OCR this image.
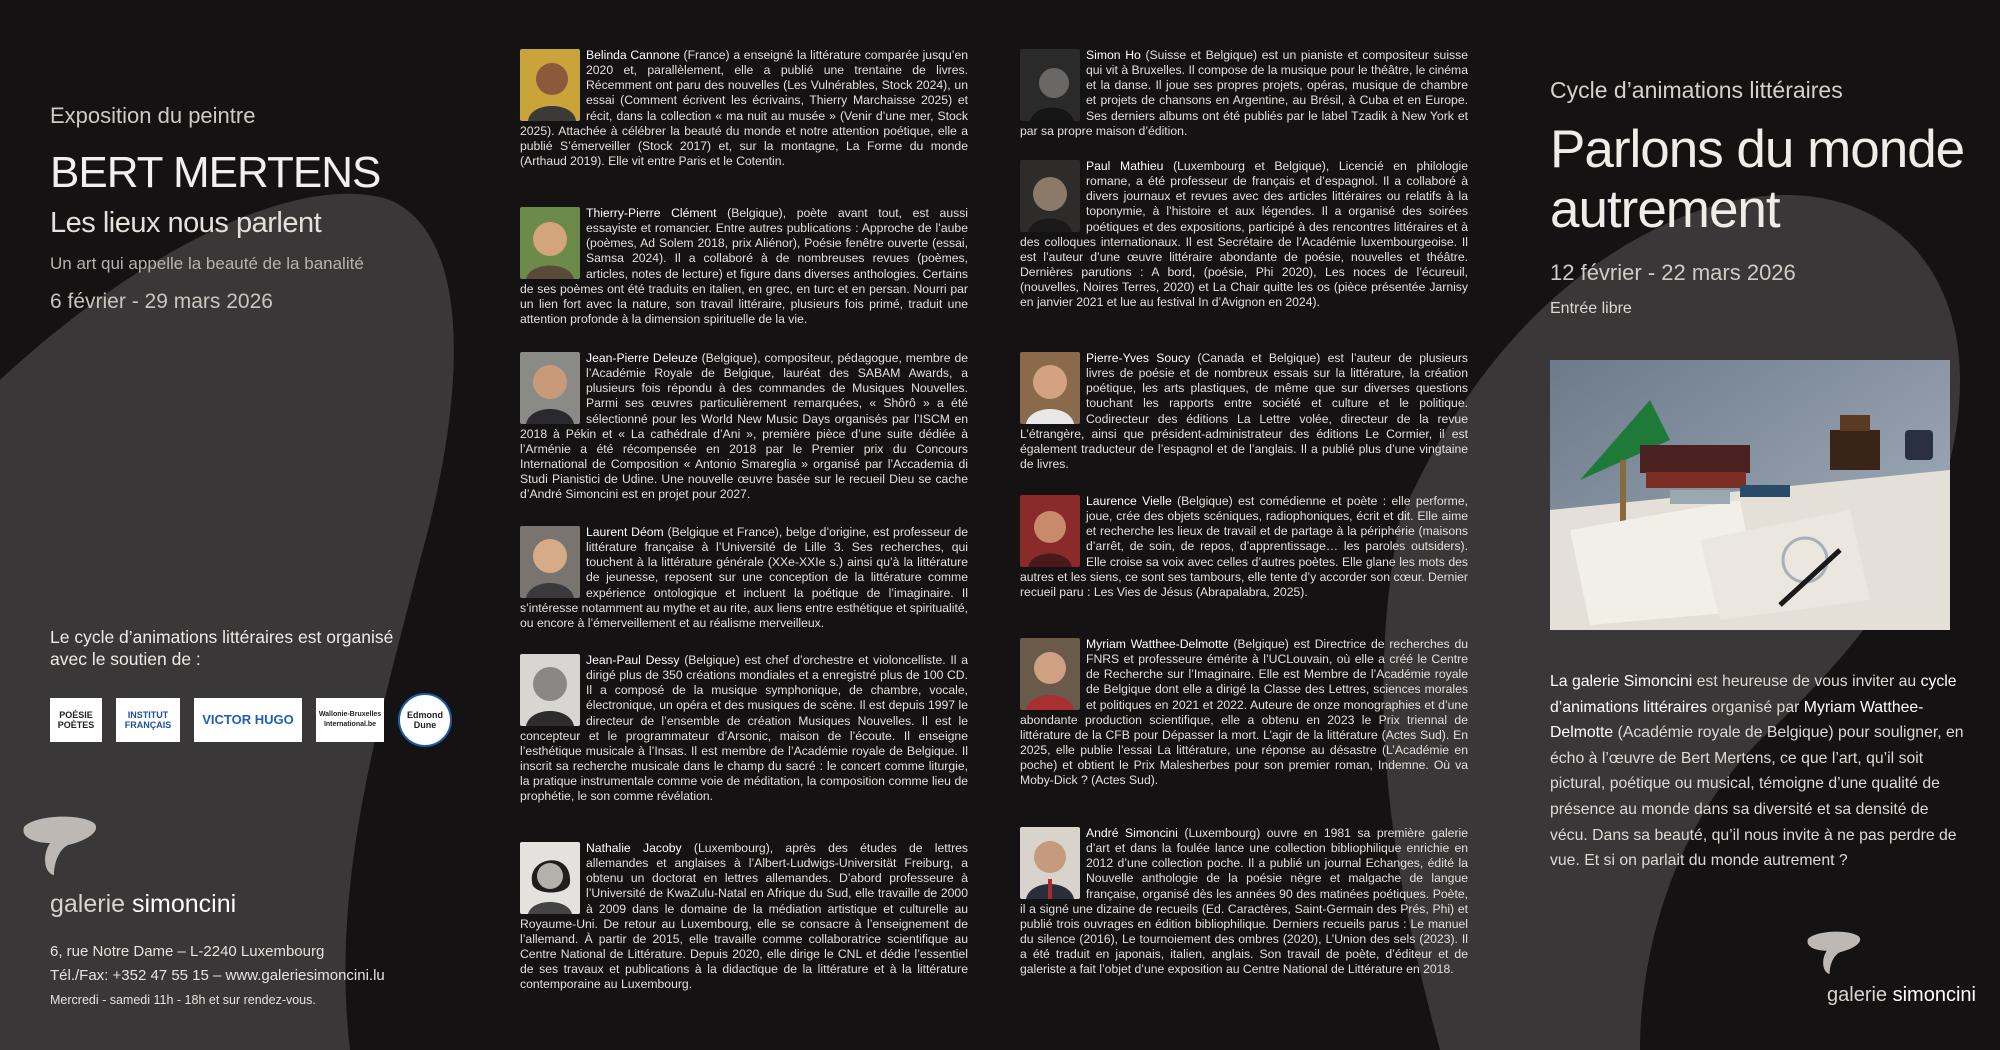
Exposition du peintre
BERT MERTENS
Les lieux nous parlent
Un art qui appelle la beauté de la banalité
6 février - 29 mars 2026
Le cycle d’animations littéraires est organisé avec le soutien de :
POÉSIE POÈTES
INSTITUT FRANÇAIS	VICTOR HUGO	Wallonie-Bruxelles International.be
Edmond Dune
galerie simoncini
6, rue Notre Dame – L-2240 Luxembourg
Tél./Fax: +352 47 55 15 – www.galeriesimoncini.lu
Mercredi - samedi 11h - 18h et sur rendez-vous.
Belinda Cannone (France) a enseigné la littérature comparée jusqu’en 2020 et, parallèlement, elle a publié une trentaine de livres. Récemment ont paru des nouvelles (Les Vulnérables, Stock 2024), un essai (Comment écrivent les écrivains, Thierry Marchaisse 2025) et récit, dans la collection « ma nuit au musée » (Venir d’une mer, Stock 2025). Attachée à célébrer la beauté du monde et notre attention poétique, elle a publié S’émerveiller (Stock 2017) et, sur la montagne, La Forme du monde (Arthaud 2019). Elle vit entre Paris et le Cotentin.
Thierry-Pierre Clément (Belgique), poète avant tout, est aussi essayiste et romancier. Entre autres publications : Approche de l’aube (poèmes, Ad Solem 2018, prix Aliénor), Poésie fenêtre ouverte (essai, Samsa 2024). Il a collaboré à de nombreuses revues (poèmes, articles, notes de lecture) et figure dans diverses anthologies. Certains de ses poèmes ont été traduits en italien, en grec, en turc et en persan. Nourri par un lien fort avec la nature, son travail littéraire, plusieurs fois primé, traduit une attention profonde à la dimension spirituelle de la vie.
Jean-Pierre Deleuze (Belgique), compositeur, pédagogue, membre de l’Académie Royale de Belgique, lauréat des SABAM Awards, a plusieurs fois répondu à des commandes de Musiques Nouvelles. Parmi ses œuvres particulièrement remarquées, « Shôrô » a été sélectionné pour les World New Music Days organisés par l’ISCM en 2018 à Pékin et « La cathédrale d’Ani », première pièce d’une suite dédiée à l’Arménie a été récompensée en 2018 par le Premier prix du Concours International de Composition « Antonio Smareglia » organisé par l’Accademia di Studi Pianistici de Udine. Une nouvelle œuvre basée sur le recueil Dieu se cache d’André Simoncini est en projet pour 2027.
Laurent Déom (Belgique et France), belge d’origine, est professeur de littérature française à l’Université de Lille 3. Ses recherches, qui touchent à la littérature générale (XXe-XXIe s.) ainsi qu’à la littérature de jeunesse, reposent sur une conception de la littérature comme expérience ontologique et incluent la poétique de l’imaginaire. Il s’intéresse notamment au mythe et au rite, aux liens entre esthétique et spiritualité, ou encore à l’émerveillement et au réalisme merveilleux.
Jean-Paul Dessy (Belgique) est chef d’orchestre et violoncelliste. Il a dirigé plus de 350 créations mondiales et a enregistré plus de 100 CD. Il a composé de la musique symphonique, de chambre, vocale, électronique, un opéra et des musiques de scène. Il est depuis 1997 le directeur de l’ensemble de création Musiques Nouvelles. Il est le concepteur et le programmateur d’Arsonic, maison de l’écoute. Il enseigne l’esthétique musicale à l’Insas. Il est membre de l’Académie royale de Belgique. Il inscrit sa recherche musicale dans le champ du sacré : le concert comme liturgie, la pratique instrumentale comme voie de méditation, la composition comme lieu de prophétie, le son comme révélation.
Nathalie Jacoby (Luxembourg), après des études de lettres allemandes et anglaises à l’Albert-Ludwigs-Universität Freiburg, a obtenu un doctorat en lettres allemandes. D’abord professeure à l’Université de KwaZulu-Natal en Afrique du Sud, elle travaille de 2000 à 2009 dans le domaine de la médiation artistique et culturelle au Royaume-Uni. De retour au Luxembourg, elle se consacre à l’enseignement de l’allemand. À partir de 2015, elle travaille comme collaboratrice scientifique au Centre National de Littérature. Depuis 2020, elle dirige le CNL et dédie l’essentiel de ses travaux et publications à la didactique de la littérature et à la littérature contemporaine au Luxembourg.
Simon Ho (Suisse et Belgique) est un pianiste et compositeur suisse qui vit à Bruxelles. Il compose de la musique pour le théâtre, le cinéma et la danse. Il joue ses propres projets, opéras, musique de chambre et projets de chansons en Argentine, au Brésil, à Cuba et en Europe. Ses derniers albums ont été publiés par le label Tzadik à New York et par sa propre maison d’édition.
Paul Mathieu (Luxembourg et Belgique), Licencié en philologie romane, a été professeur de français et d’espagnol. Il a collaboré à divers journaux et revues avec des articles littéraires ou relatifs à la toponymie, à l’histoire et aux légendes. Il a organisé des soirées poétiques et des expositions, participé à des rencontres littéraires et à des colloques internationaux. Il est Secrétaire de l’Académie luxembourgeoise. Il est l’auteur d’une œuvre littéraire abondante de poésie, nouvelles et théâtre. Dernières parutions : A bord, (poésie, Phi 2020), Les noces de l’écureuil, (nouvelles, Noires Terres, 2020) et La Chair quitte les os (pièce présentée Jarnisy en janvier 2021 et lue au festival In d’Avignon en 2024).
Pierre-Yves Soucy (Canada et Belgique) est l’auteur de plusieurs livres de poésie et de nombreux essais sur la littérature, la création poétique, les arts plastiques, de même que sur diverses questions touchant les rapports entre société et culture et le politique. Codirecteur des éditions La Lettre volée, directeur de la revue L’étrangère, ainsi que président-administrateur des éditions Le Cormier, il est également traducteur de l’espagnol et de l’anglais. Il a publié plus d’une vingtaine de livres.
Laurence Vielle (Belgique) est comédienne et poète : elle performe, joue, crée des objets scéniques, radiophoniques, écrit et dit. Elle aime et recherche les lieux de travail et de partage à la périphérie (maisons d’arrêt, de soin, de repos, d’apprentissage… les paroles outsiders). Elle croise sa voix avec celles d’autres poètes. Elle glane les mots des autres et les siens, ce sont ses tambours, elle tente d’y accorder son cœur. Dernier recueil paru : Les Vies de Jésus (Abrapalabra, 2025).
Myriam Watthee-Delmotte (Belgique) est Directrice de recherches du FNRS et professeure émérite à l’UCLouvain, où elle a créé le Centre de Recherche sur l’Imaginaire. Elle est Membre de l’Académie royale de Belgique dont elle a dirigé la Classe des Lettres, sciences morales et politiques en 2021 et 2022. Auteure de onze monographies et d’une abondante production scientifique, elle a obtenu en 2023 le Prix triennal de littérature de la CFB pour Dépasser la mort. L’agir de la littérature (Actes Sud). En 2025, elle publie l’essai La littérature, une réponse au désastre (L’Académie en poche) et obtient le Prix Malesherbes pour son premier roman, Indemne. Où va Moby-Dick ? (Actes Sud).
André Simoncini (Luxembourg) ouvre en 1981 sa première galerie d’art et dans la foulée lance une collection bibliophilique enrichie en 2012 d’une collection poche. Il a publié un journal Echanges, édité la Nouvelle anthologie de la poésie nègre et malgache de langue française, organisé dès les années 90 des matinées poétiques. Poète, il a signé une dizaine de recueils (Ed. Caractères, Saint-Germain des Prés, Phi) et publié trois ouvrages en édition bibliophilique. Derniers recueils parus : Le manuel du silence (2016), Le tournoiement des ombres (2020), L’Union des sels (2023). Il a été traduit en japonais, italien, anglais. Son travail de poète, d’éditeur et de galeriste a fait l’objet d’une exposition au Centre National de Littérature en 2018.
Cycle d’animations littéraires
Parlons du monde autrement
12 février - 22 mars 2026
Entrée libre
La galerie Simoncini est heureuse de vous inviter au cycle d’animations littéraires organisé par Myriam Watthee-Delmotte (Académie royale de Belgique) pour souligner, en écho à l’œuvre de Bert Mertens, ce que l’art, qu’il soit pictural, poétique ou musical, témoigne d’une qualité de présence au monde dans sa diversité et sa densité de vécu. Dans sa beauté, qu’il nous invite à ne pas perdre de vue. Et si on parlait du monde autrement ?
galerie simoncini
